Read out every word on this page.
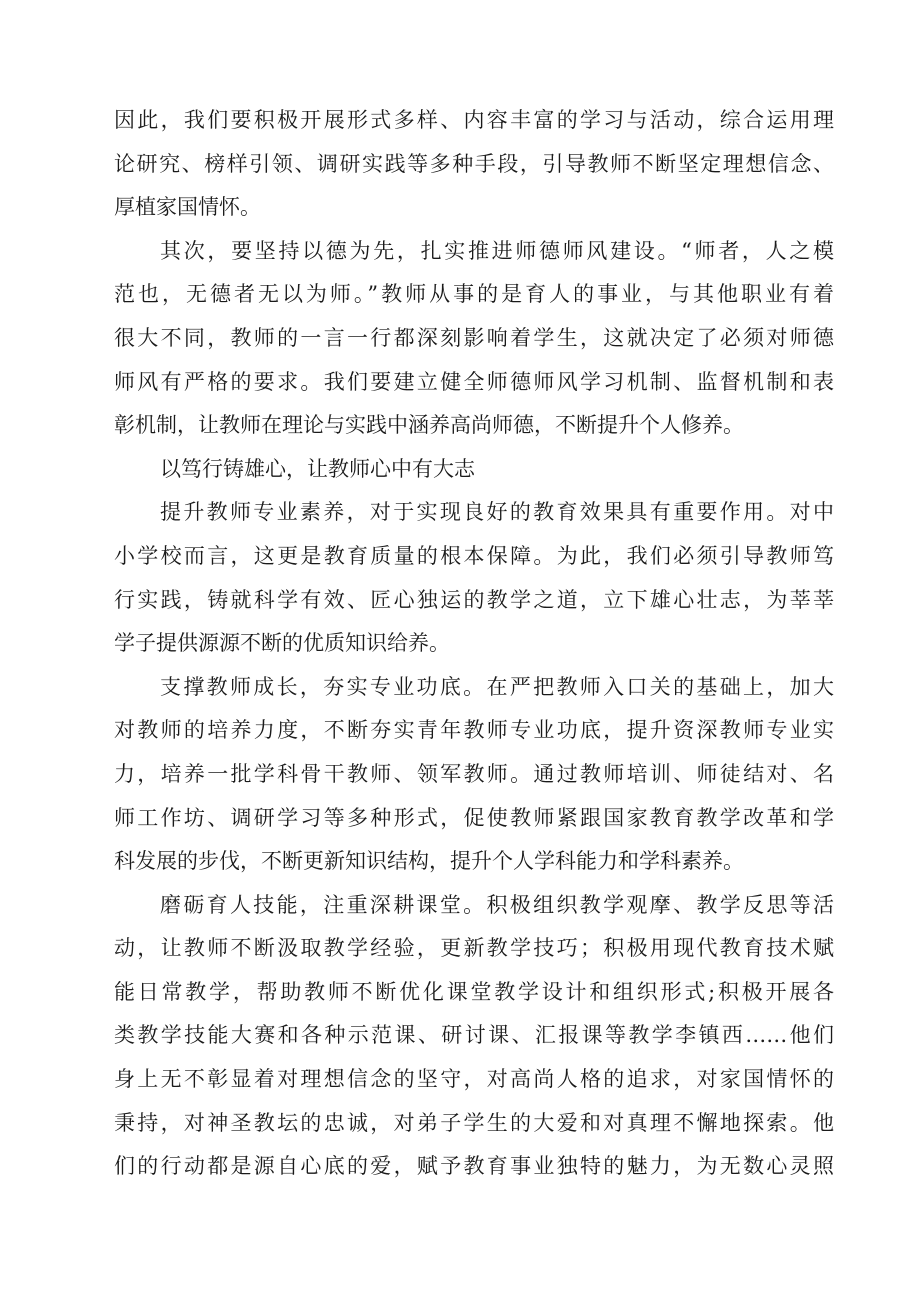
因此，我们要积极开展形式多样、内容丰富的学习与活动，综合运用理
论研究、榜样引领、调研实践等多种手段，引导教师不断坚定理想信念、
厚植家国情怀。
其次，要坚持以德为先，扎实推进师德师风建设。“师者，人之模
范也，无德者无以为师。”教师从事的是育人的事业，与其他职业有着
很大不同，教师的一言一行都深刻影响着学生，这就决定了必须对师德
师风有严格的要求。我们要建立健全师德师风学习机制、监督机制和表
彰机制，让教师在理论与实践中涵养高尚师德，不断提升个人修养。
以笃行铸雄心，让教师心中有大志
提升教师专业素养，对于实现良好的教育效果具有重要作用。对中
小学校而言，这更是教育质量的根本保障。为此，我们必须引导教师笃
行实践，铸就科学有效、匠心独运的教学之道，立下雄心壮志，为莘莘
学子提供源源不断的优质知识给养。
支撑教师成长，夯实专业功底。在严把教师入口关的基础上，加大
对教师的培养力度，不断夯实青年教师专业功底，提升资深教师专业实
力，培养一批学科骨干教师、领军教师。通过教师培训、师徒结对、名
师工作坊、调研学习等多种形式，促使教师紧跟国家教育教学改革和学
科发展的步伐，不断更新知识结构，提升个人学科能力和学科素养。
磨砺育人技能，注重深耕课堂。积极组织教学观摩、教学反思等活
动，让教师不断汲取教学经验，更新教学技巧；积极用现代教育技术赋
能日常教学，帮助教师不断优化课堂教学设计和组织形式;积极开展各
类教学技能大赛和各种示范课、研讨课、汇报课等教学李镇西……他们
身上无不彰显着对理想信念的坚守，对高尚人格的追求，对家国情怀的
秉持，对神圣教坛的忠诚，对弟子学生的大爱和对真理不懈地探索。他
们的行动都是源自心底的爱，赋予教育事业独特的魅力，为无数心灵照
